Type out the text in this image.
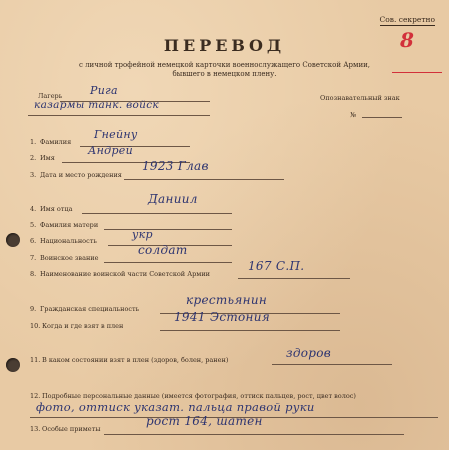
Сов. секретно
8
ПЕРЕВОД
с личной трофейной немецкой карточки военнослужащего Советской Армии,
бывшего в немецком плену.
Лагерь	Рига
казармы танк. войск
Опознавательный знак
№
1. Фамилия
Гнейну
2. Имя
Андрей
3. Дата и место рождения
1923 Глав
4. Имя отца
Даниил
5. Фамилия матери
6. Национальность	укр
7. Воинское звание
солдат
8. Наименование воинской части Советской Армии
167 С.П.
9. Гражданская специальность
крестьянин
10. Когда и где взят в плен
1941 Эстония
11. В каком состоянии взят в плен (здоров, болен, ранен)	здоров
12. Подробные персональные данные (имеется фотография, оттиск пальцев, рост, цвет волос)
фото, оттиск указат. пальца правой руки
13. Особые приметы
рост 164, шатен
